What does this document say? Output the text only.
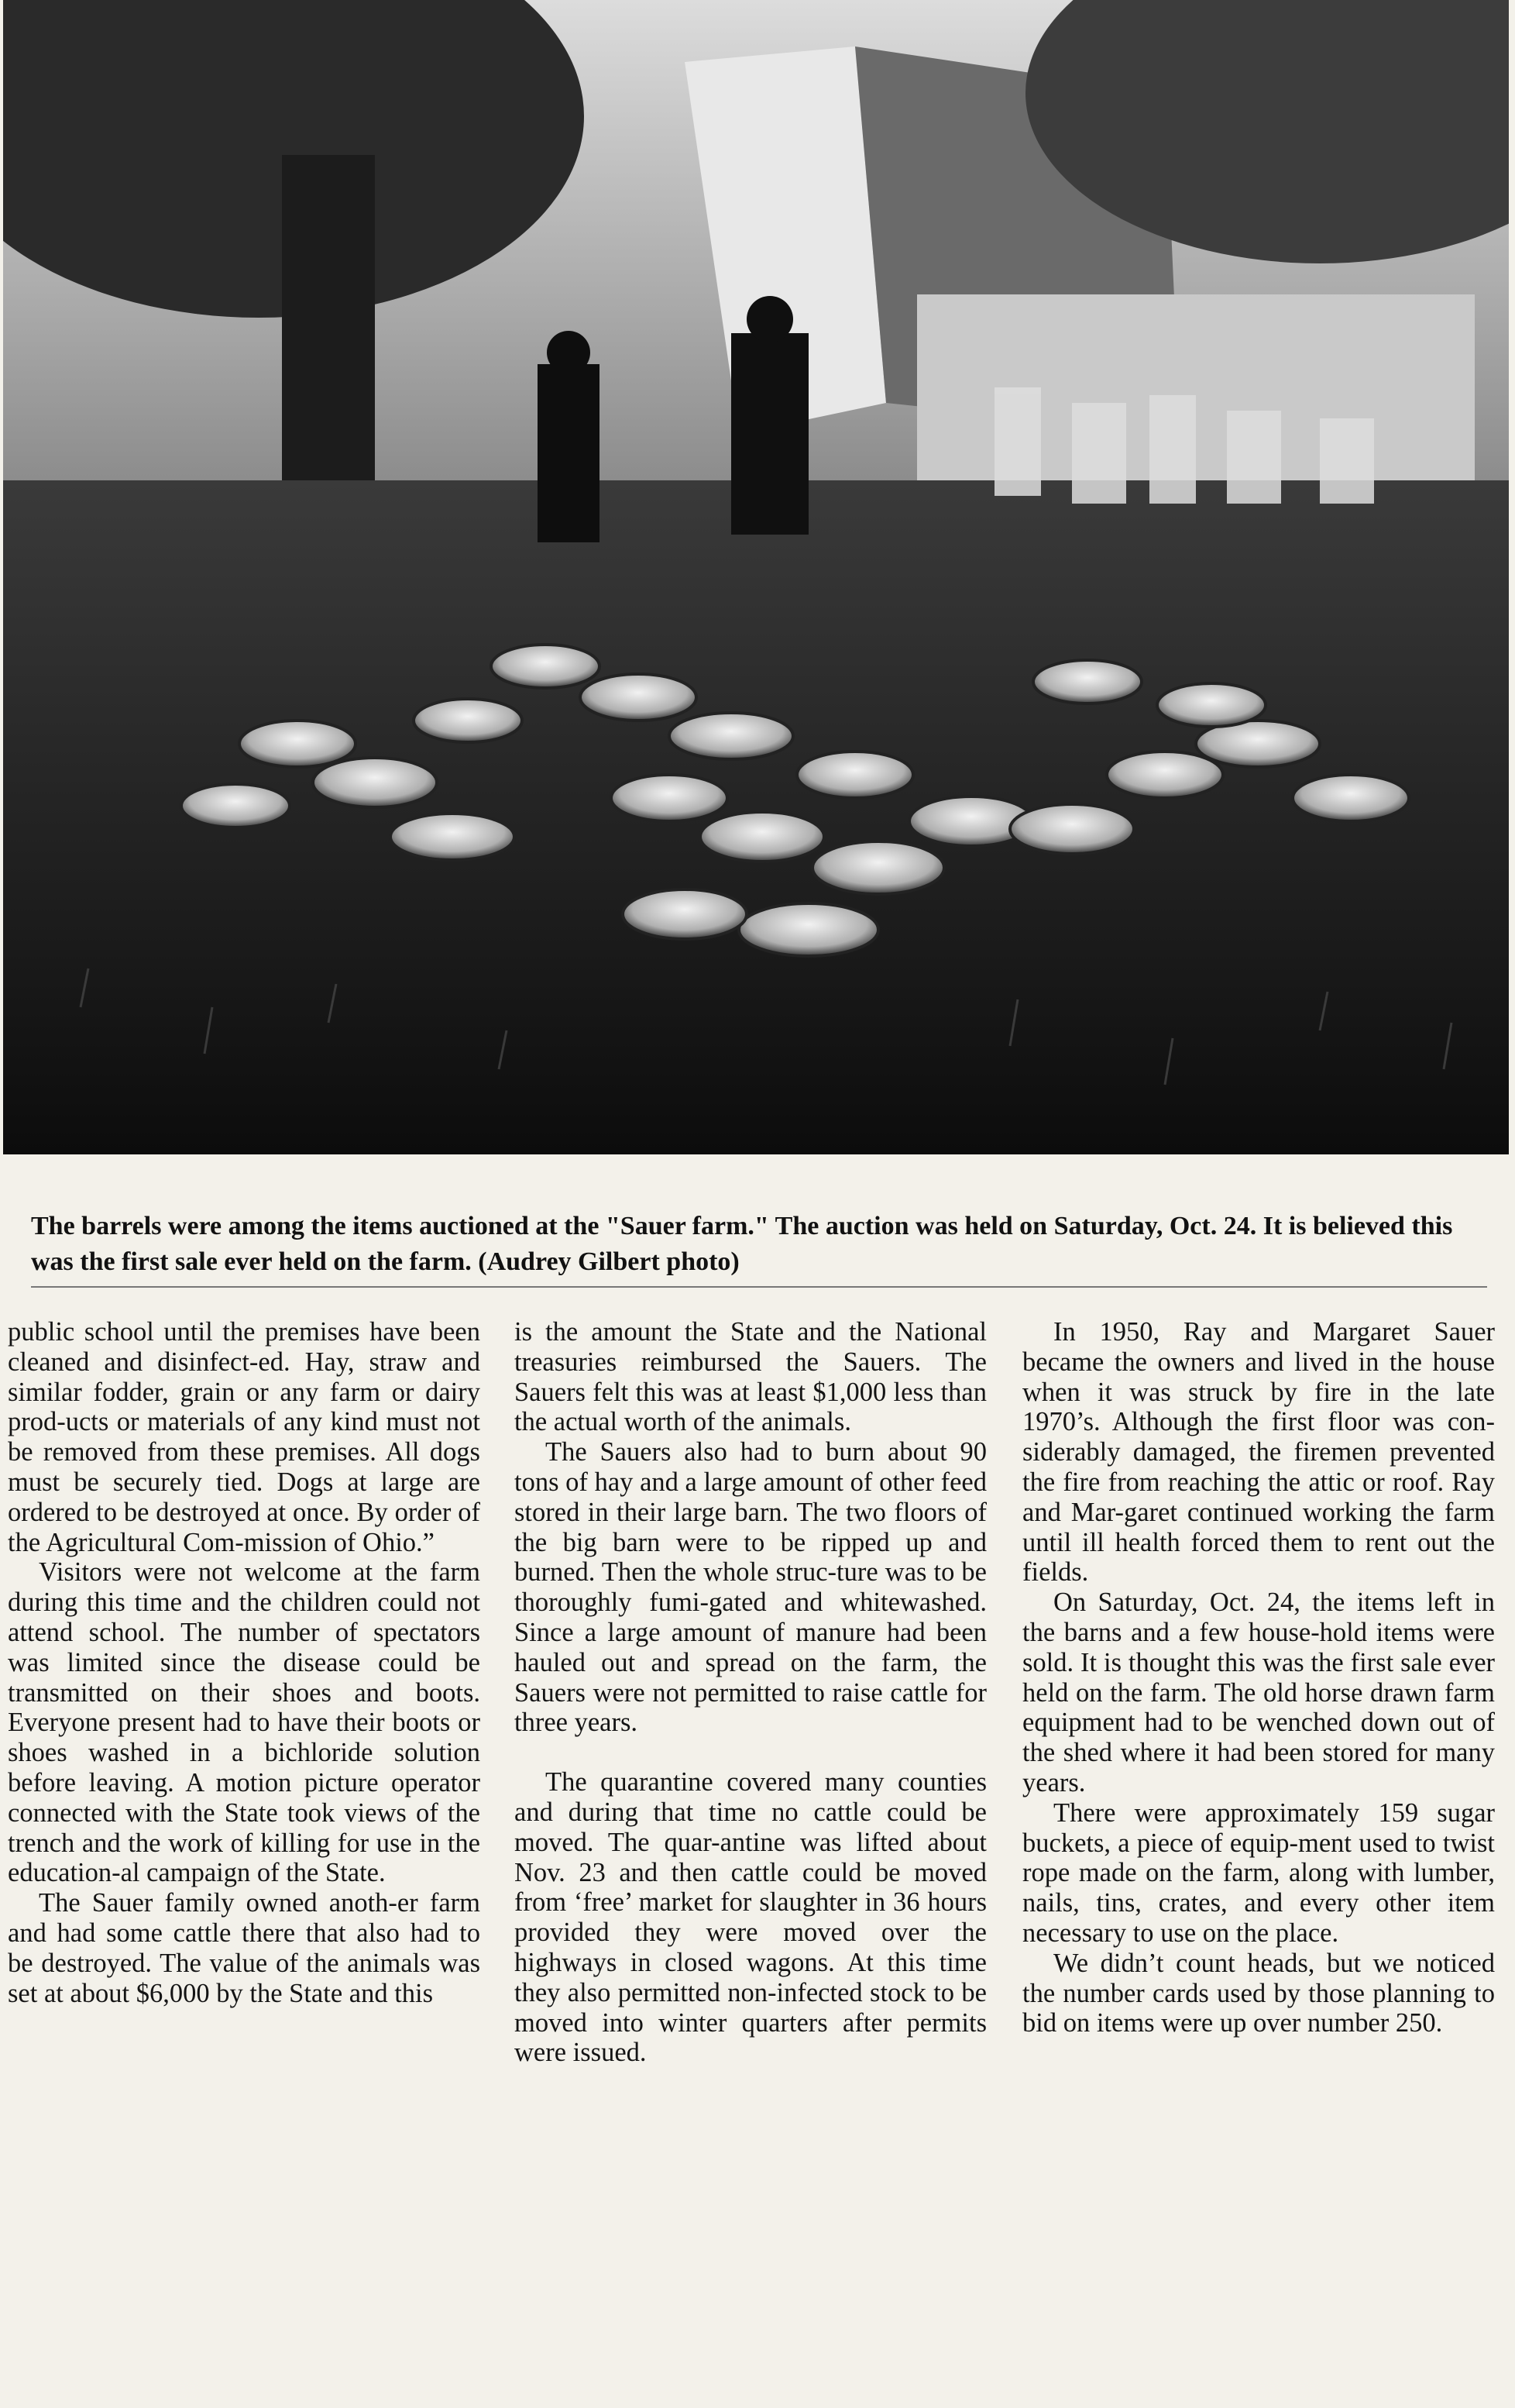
The barrels were among the items auctioned at the "Sauer farm." The auction was held on Saturday, Oct. 24. It is believed this was the first sale ever held on the farm. (Audrey Gilbert photo)

public school until the premises have been cleaned and disinfect-ed. Hay, straw and similar fodder, grain or any farm or dairy prod-ucts or materials of any kind must not be removed from these premises. All dogs must be securely tied. Dogs at large are ordered to be destroyed at once. By order of the Agricultural Com-mission of Ohio.”

Visitors were not welcome at the farm during this time and the children could not attend school. The number of spectators was limited since the disease could be transmitted on their shoes and boots. Everyone present had to have their boots or shoes washed in a bichloride solution before leaving. A motion picture operator connected with the State took views of the trench and the work of killing for use in the education-al campaign of the State.

The Sauer family owned anoth-er farm and had some cattle there that also had to be destroyed. The value of the animals was set at about $6,000 by the State and this

is the amount the State and the National treasuries reimbursed the Sauers. The Sauers felt this was at least $1,000 less than the actual worth of the animals.

The Sauers also had to burn about 90 tons of hay and a large amount of other feed stored in their large barn. The two floors of the big barn were to be ripped up and burned. Then the whole struc-ture was to be thoroughly fumi-gated and whitewashed. Since a large amount of manure had been hauled out and spread on the farm, the Sauers were not permitted to raise cattle for three years.

The quarantine covered many counties and during that time no cattle could be moved. The quar-antine was lifted about Nov. 23 and then cattle could be moved from ‘free’ market for slaughter in 36 hours provided they were moved over the highways in closed wagons. At this time they also permitted non-infected stock to be moved into winter quarters after permits were issued.

In 1950, Ray and Margaret Sauer became the owners and lived in the house when it was struck by fire in the late 1970’s. Although the first floor was con-siderably damaged, the firemen prevented the fire from reaching the attic or roof. Ray and Mar-garet continued working the farm until ill health forced them to rent out the fields.

On Saturday, Oct. 24, the items left in the barns and a few house-hold items were sold. It is thought this was the first sale ever held on the farm. The old horse drawn farm equipment had to be wenched down out of the shed where it had been stored for many years.

There were approximately 159 sugar buckets, a piece of equip-ment used to twist rope made on the farm, along with lumber, nails, tins, crates, and every other item necessary to use on the place.

We didn’t count heads, but we noticed the number cards used by those planning to bid on items were up over number 250.
